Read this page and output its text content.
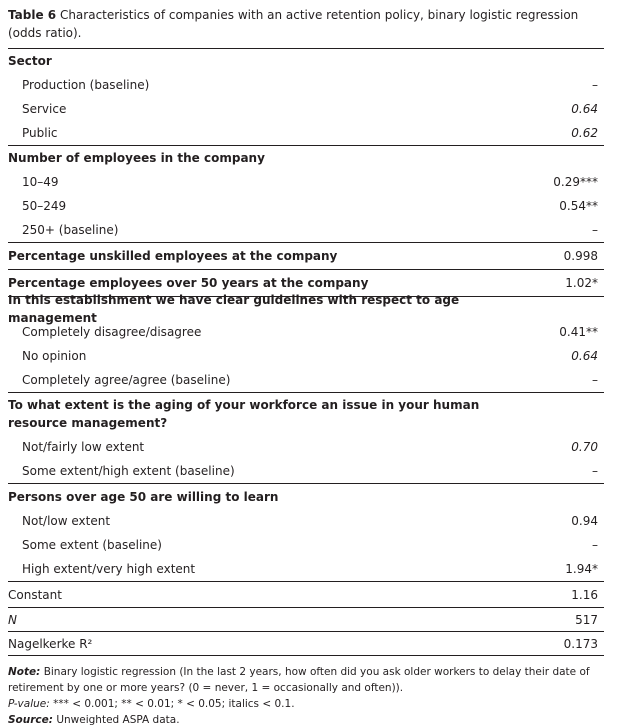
Table 6 Characteristics of companies with an active retention policy, binary logistic regression (odds ratio).
Sector
Production (baseline)	–
Service	0.64
Public	0.62
Number of employees in the company
10–49	0.29***
50–249	0.54**
250+ (baseline)	–
Percentage unskilled employees at the company	0.998
Percentage employees over 50 years at the company	1.02*
In this establishment we have clear guidelines with respect to age management
Completely disagree/disagree	0.41**
No opinion	0.64
Completely agree/agree (baseline)	–
To what extent is the aging of your workforce an issue in your human resource management?
Not/fairly low extent	0.70
Some extent/high extent (baseline)	–
Persons over age 50 are willing to learn
Not/low extent	0.94
Some extent (baseline)	–
High extent/very high extent	1.94*
Constant	1.16
N	517
Nagelkerke R²	0.173
Note: Binary logistic regression (In the last 2 years, how often did you ask older workers to delay their date of retirement by one or more years? (0 = never, 1 = occasionally and often)).
P-value: *** < 0.001; ** < 0.01; * < 0.05; italics < 0.1.
Source: Unweighted ASPA data.
